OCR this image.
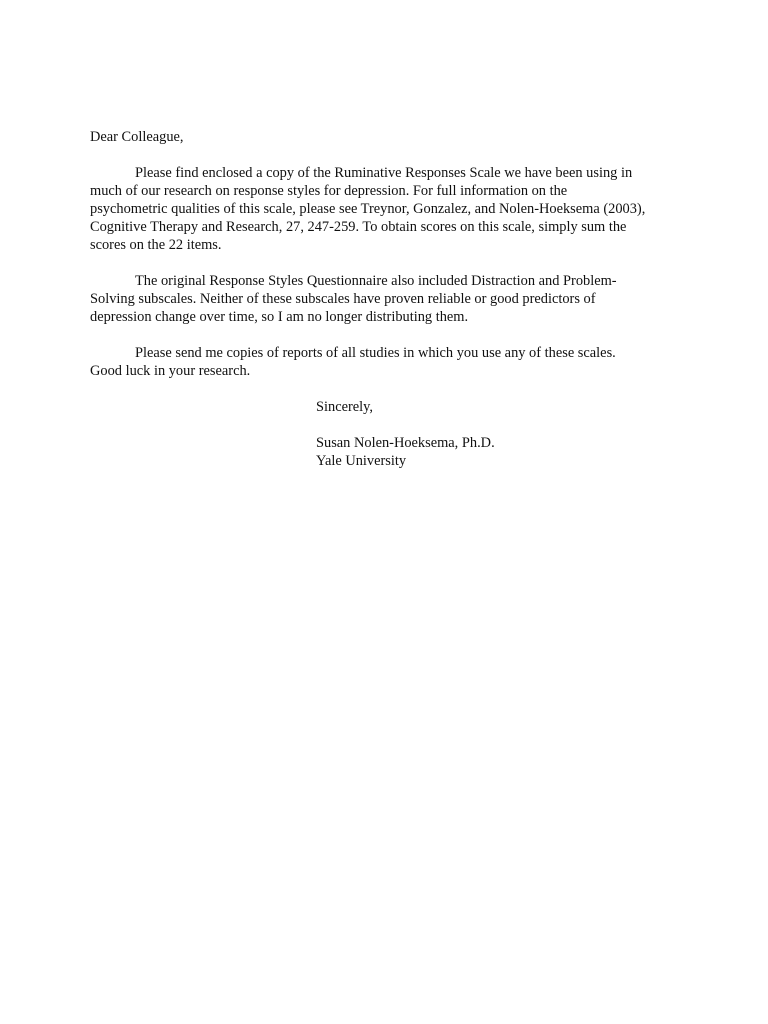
Dear Colleague,
Please find enclosed a copy of the Ruminative Responses Scale we have been using in
much of our research on response styles for depression. For full information on the
psychometric qualities of this scale, please see Treynor, Gonzalez, and Nolen-Hoeksema (2003),
Cognitive Therapy and Research, 27, 247-259. To obtain scores on this scale, simply sum the
scores on the 22 items.
The original Response Styles Questionnaire also included Distraction and Problem-
Solving subscales. Neither of these subscales have proven reliable or good predictors of
depression change over time, so I am no longer distributing them.
Please send me copies of reports of all studies in which you use any of these scales.
Good luck in your research.
Sincerely,
Susan Nolen-Hoeksema, Ph.D.
Yale University
